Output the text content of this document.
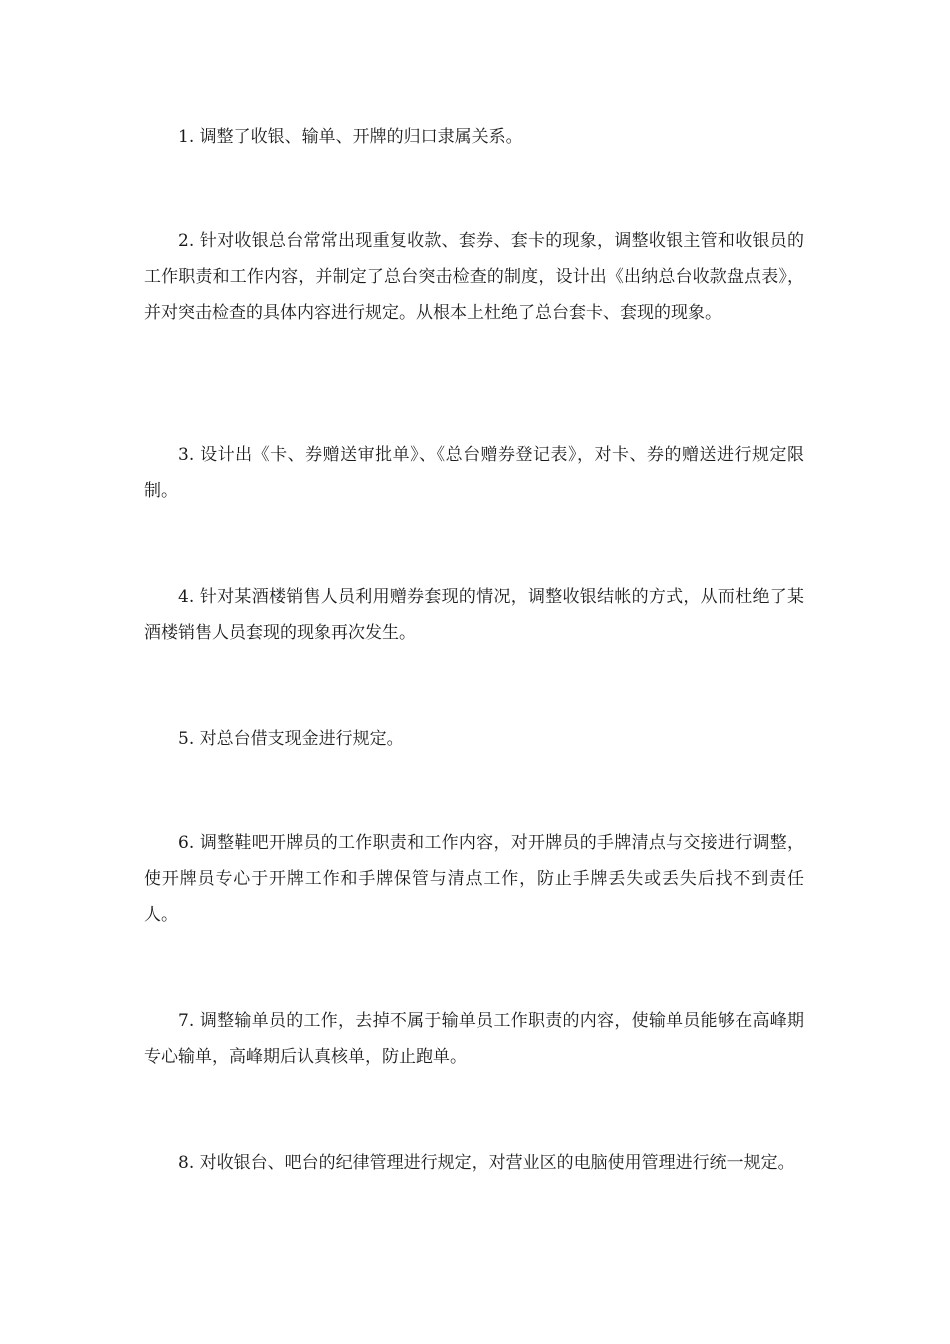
1. 调整了收银、输单、开牌的归口隶属关系。

2. 针对收银总台常常出现重复收款、套券、套卡的现象，调整收银主管和收银员的工作职责和工作内容，并制定了总台突击检查的制度，设计出《出纳总台收款盘点表》，并对突击检查的具体内容进行规定。从根本上杜绝了总台套卡、套现的现象。

3. 设计出《卡、券赠送审批单》、《总台赠券登记表》，对卡、券的赠送进行规定限制。

4. 针对某酒楼销售人员利用赠券套现的情况，调整收银结帐的方式，从而杜绝了某酒楼销售人员套现的现象再次发生。

5. 对总台借支现金进行规定。

6. 调整鞋吧开牌员的工作职责和工作内容，对开牌员的手牌清点与交接进行调整，使开牌员专心于开牌工作和手牌保管与清点工作，防止手牌丢失或丢失后找不到责任人。

7. 调整输单员的工作，去掉不属于输单员工作职责的内容，使输单员能够在高峰期专心输单，高峰期后认真核单，防止跑单。

8. 对收银台、吧台的纪律管理进行规定，对营业区的电脑使用管理进行统一规定。
